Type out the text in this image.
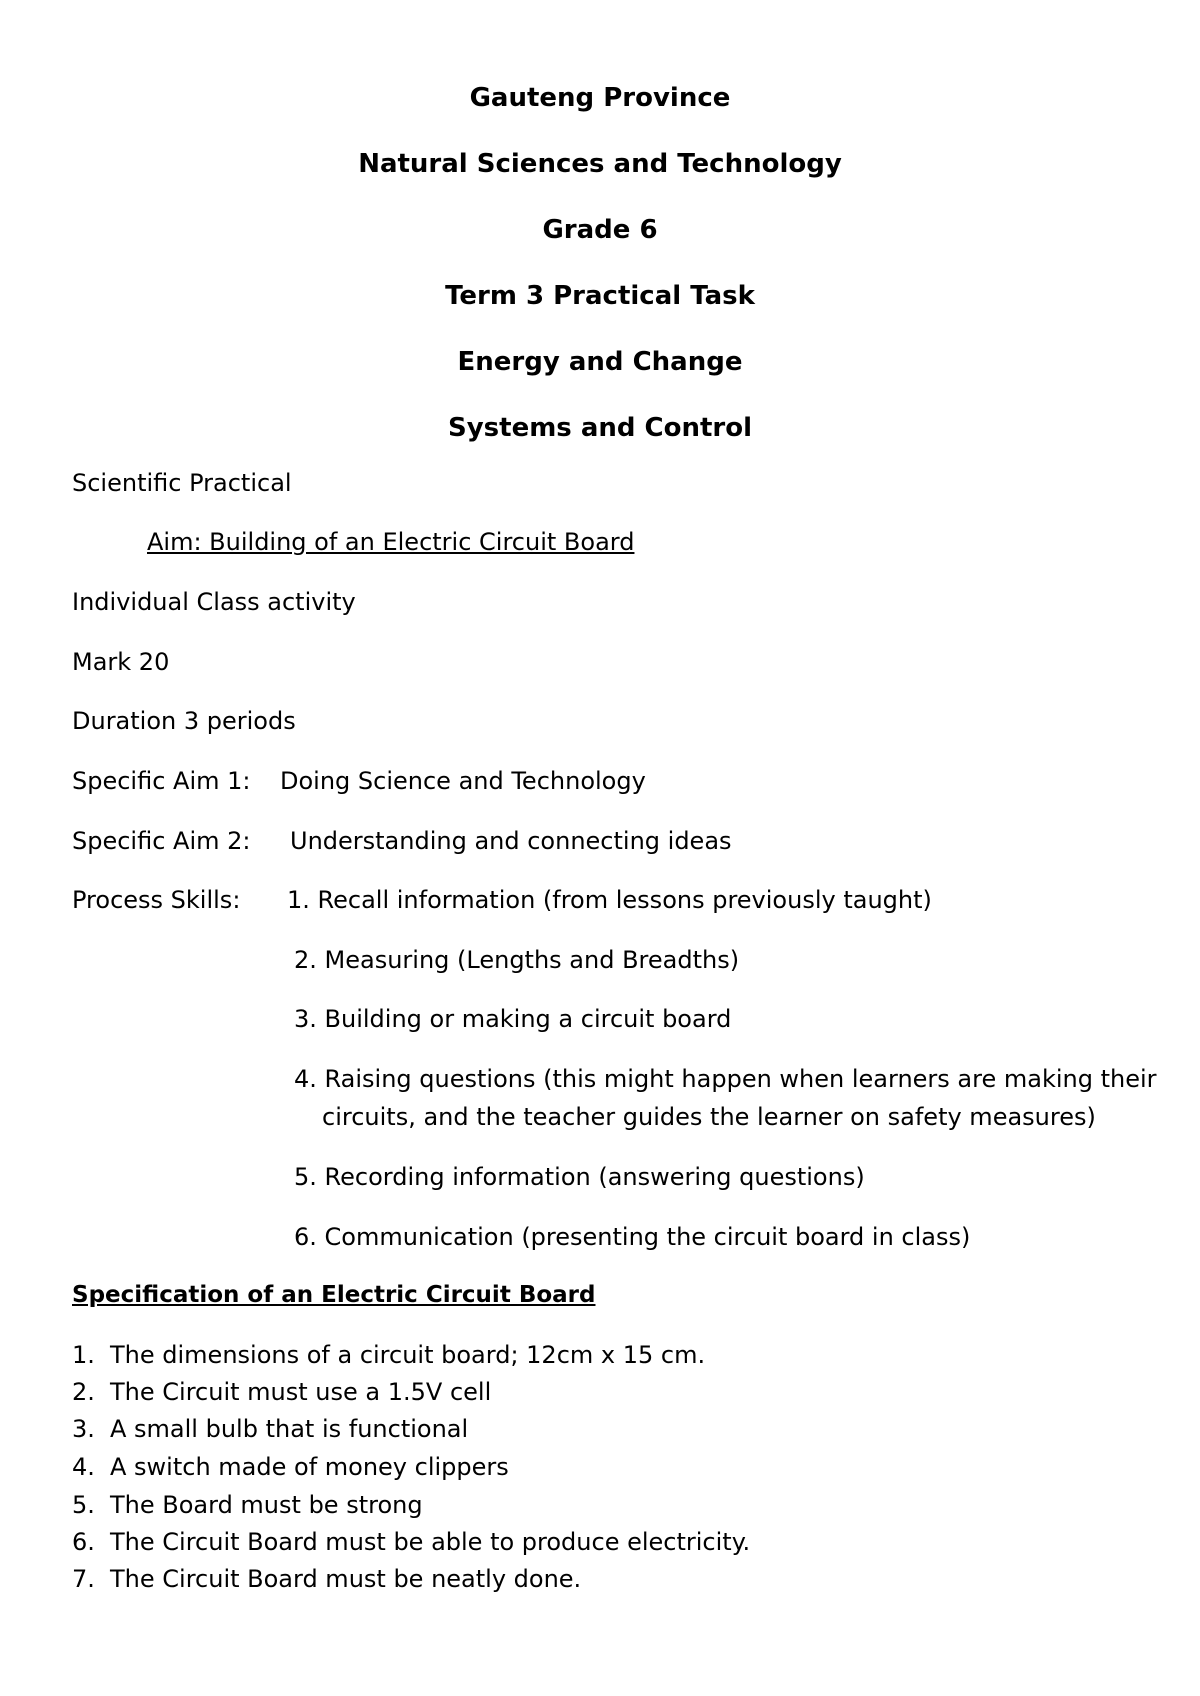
Gauteng Province
Natural Sciences and Technology
Grade 6
Term 3 Practical Task
Energy and Change
Systems and Control
Scientific Practical
Aim: Building of an Electric Circuit Board
Individual Class activity
Mark 20
Duration 3 periods
Specific Aim 1: Doing Science and Technology
Specific Aim 2: Understanding and connecting ideas
Process Skills: 1. Recall information (from lessons previously taught)
2. Measuring (Lengths and Breadths)
3. Building or making a circuit board
4. Raising questions (this might happen when learners are making their
circuits, and the teacher guides the learner on safety measures)
5. Recording information (answering questions)
6. Communication (presenting the circuit board in class)
Specification of an Electric Circuit Board
1. The dimensions of a circuit board; 12cm x 15 cm.
2. The Circuit must use a 1.5V cell
3. A small bulb that is functional
4. A switch made of money clippers
5. The Board must be strong
6. The Circuit Board must be able to produce electricity.
7. The Circuit Board must be neatly done.
